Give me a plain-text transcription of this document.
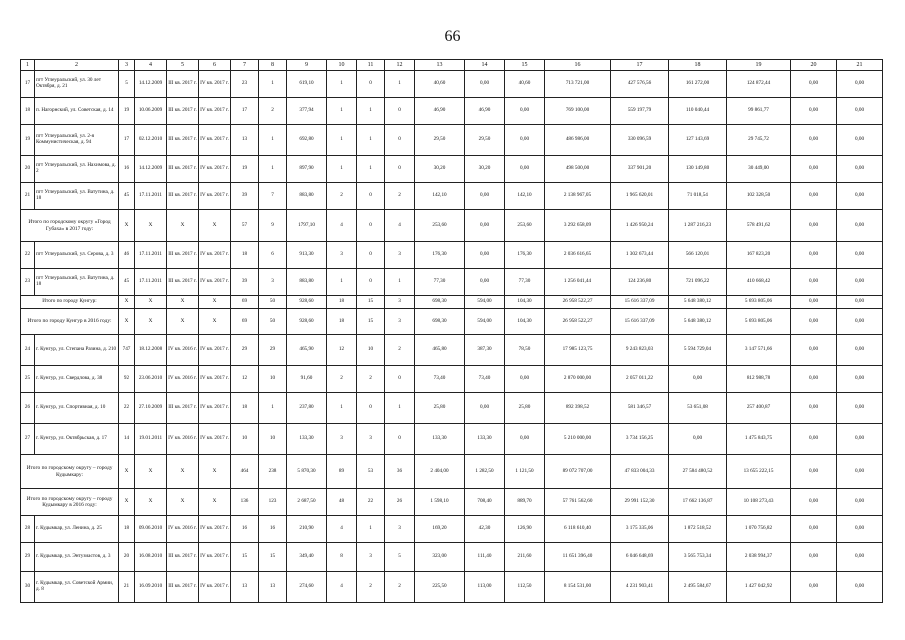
66
1	2	3	4	5	6	7	8	9	10	11	12	13	14	15	16	17	18	19	20	21
17	пгт Углеуральский, ул. 30 лет Октября, д. 21	5	14.12.2009	III кв. 2017 г.	IV кв. 2017 г.	23	1	619,10	1	0	1	40,60	0,00	40,60	713 721,00	427 576,56	161 272,00	124 872,44	0,00	0,00
18	п. Нагорнский, ул. Советская, д. 14	19	10.06.2009	III кв. 2017 г.	IV кв. 2017 г.	17	2	377,94	1	1	0	46,90	46,90	0,00	769 100,00	559 197,79	110 040,44	99 861,77	0,00	0,00
19	пгт Углеуральский, ул. 2-я Коммунистическая, д. 94	17	02.12.2010	III кв. 2017 г.	IV кв. 2017 г.	13	1	692,80	1	1	0	29,50	29,50	0,00	486 986,00	330 096,59	127 143,69	29 745,72	0,00	0,00
20	пгт Углеуральский, ул. Нахимова, д. 2	16	14.12.2009	III кв. 2017 г.	IV кв. 2017 г.	19	1	897,90	1	1	0	30,20	30,20	0,00	498 500,00	337 901,20	130 149,80	30 449,00	0,00	0,00
21	пгт Углеуральский, ул. Ватутина, д. 18	45	17.11.2011	III кв. 2017 г.	IV кв. 2017 г.	39	7	883,80	2	0	2	142,10	0,00	142,10	2 138 967,05	1 965 620,01	71 018,54	102 328,50	0,00	0,00
Итого по городскому округу «Город Губаха» в 2017 году:		X	X	X	X	57	9	1797,10	4	0	4	253,60	0,00	253,60	3 292 658,09	1 426 950,24	1 287 216,23	578 491,62	0,00	0,00
22	пгт Углеуральский, ул. Серова, д. 3	46	17.11.2011	III кв. 2017 г.	IV кв. 2017 г.	18	6	913,30	3	0	3	176,30	0,00	176,30	2 036 616,65	1 302 673,44	566 120,01	167 823,20	0,00	0,00
23	пгт Углеуральский, ул. Ватутина, д. 18	45	17.11.2011	III кв. 2017 г.	IV кв. 2017 г.	39	3	883,80	1	0	1	77,30	0,00	77,30	1 256 041,44	124 236,80	721 096,22	410 668,42	0,00	0,00
Итого по городу Кунгур:		X	X	X	X	69	50	928,60	18	15	3	698,30	594,00	104,30	26 958 522,27	15 616 337,09	5 648 380,12	5 693 805,06	0,00	0,00
Итого по городу Кунгур в 2016 году:		X	X	X	X	69	50	928,60	18	15	3	698,30	594,00	104,30	26 958 522,27	15 616 337,09	5 648 380,12	5 693 805,06	0,00	0,00
24	г. Кунгур, ул. Степана Разина, д. 210	747	18.12.2008	IV кв. 2016 г.	IV кв. 2017 г.	29	29	465,90	12	10	2	465,80	387,30	78,50	17 985 123,75	9 243 823,03	5 594 729,04	3 147 571,66	0,00	0,00
25	г. Кунгур, ул. Свердлова, д. 38	92	23.06.2010	IV кв. 2016 г.	IV кв. 2017 г.	12	10	91,60	2	2	0	73,40	73,40	0,00	2 870 000,00	2 057 011,22	0,00	812 988,78	0,00	0,00
26	г. Кунгур, ул. Спортивная, д. 10	22	27.10.2009	III кв. 2017 г.	IV кв. 2017 г.	18	1	237,80	1	0	1	25,80	0,00	25,80	892 398,52	581 346,57	53 651,08	257 400,87	0,00	0,00
27	г. Кунгур, ул. Октябрьская, д. 17	14	19.01.2011	IV кв. 2016 г.	IV кв. 2017 г.	10	10	133,30	3	3	0	133,30	133,30	0,00	5 210 000,00	3 734 156,25	0,00	1 475 843,75	0,00	0,00
Итого по городскому округу – городу Кудымкару:		X	X	X	X	464	238	5 870,30	89	53	36	2 404,00	1 282,50	1 121,50	89 072 707,00	47 833 004,33	27 584 480,52	13 655 222,15	0,00	0,00
Итого по городскому округу – городу Кудымкару в 2016 году:		X	X	X	X	136	123	2 687,50	48	22	26	1 598,10	708,40	889,70	57 761 562,60	29 991 152,30	17 662 136,87	10 108 273,43	0,00	0,00
28	г. Кудымкар, ул. Ленина, д. 25	18	09.06.2010	IV кв. 2016 г.	IV кв. 2017 г.	16	16	210,90	4	1	3	169,20	42,30	126,90	6 118 610,40	3 175 335,06	1 872 518,52	1 070 756,82	0,00	0,00
29	г. Кудымкар, ул. Энтузиастов, д. 3	20	16.08.2010	III кв. 2017 г.	IV кв. 2017 г.	15	15	349,40	8	3	5	323,00	111,40	211,60	11 651 396,40	6 046 648,69	3 565 753,34	2 038 994,37	0,00	0,00
30	г. Кудымкар, ул. Советской Армии, д. 8	21	16.09.2010	III кв. 2017 г.	IV кв. 2017 г.	13	13	274,60	4	2	2	225,50	113,00	112,50	8 154 531,00	4 231 903,41	2 495 584,67	1 427 042,92	0,00	0,00
